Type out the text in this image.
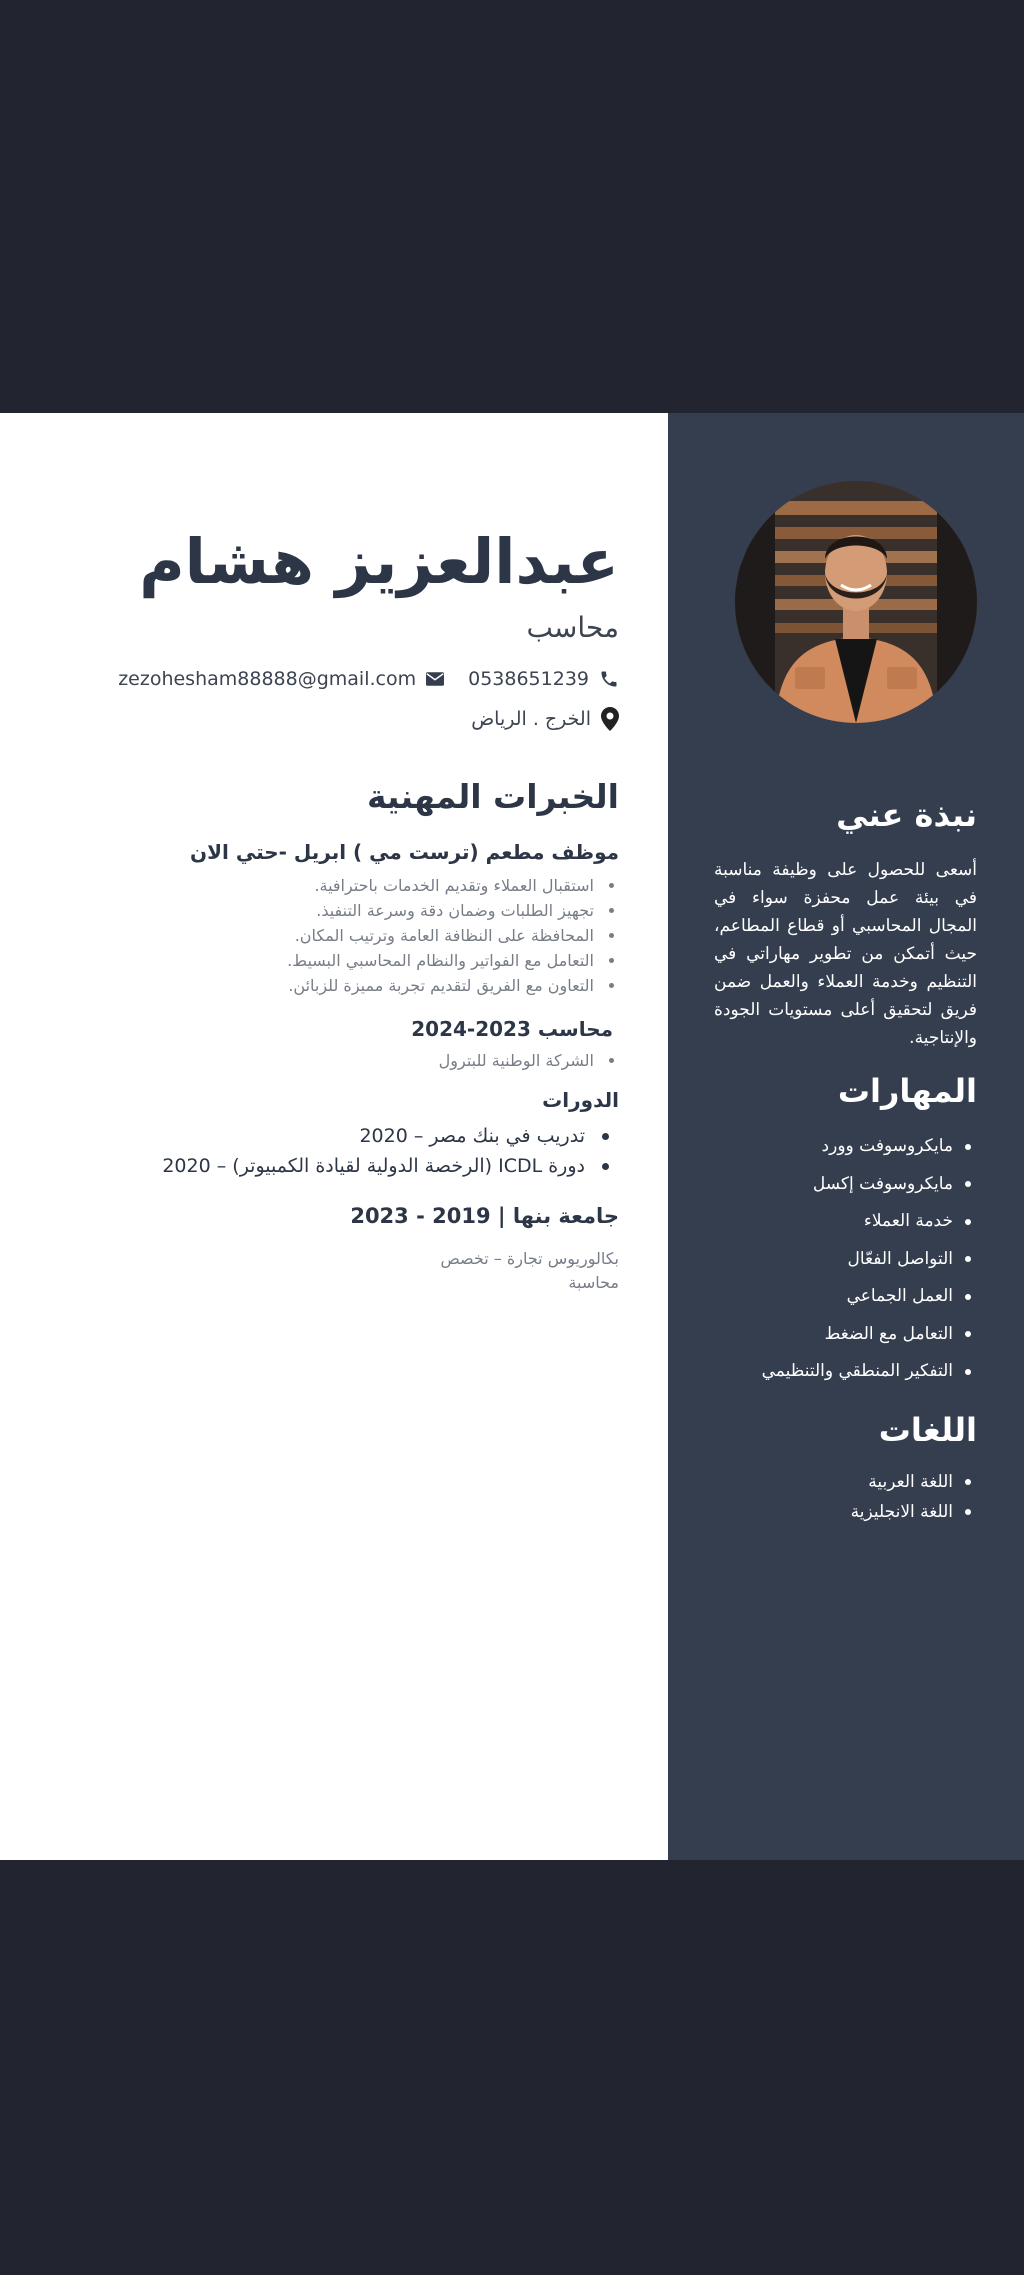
نبذة عني

أسعى للحصول على وظيفة مناسبة في بيئة عمل محفزة سواء في المجال المحاسبي أو قطاع المطاعم، حيث أتمكن من تطوير مهاراتي في التنظيم وخدمة العملاء والعمل ضمن فريق لتحقيق أعلى مستويات الجودة والإنتاجية.

المهارات
مايكروسوفت وورد
مايكروسوفت إكسل
خدمة العملاء
التواصل الفعّال
العمل الجماعي
التعامل مع الضغط
التفكير المنطقي والتنظيمي
اللغات
اللغة العربية
اللغة الانجليزية
عبدالعزيز هشام
محاسب
0538651239
zezohesham88888@gmail.com
الخرج . الرياض
الخبرات المهنية
موظف مطعم (ترست مي ) ابريل -حتي الان
استقبال العملاء وتقديم الخدمات باحترافية.
تجهيز الطلبات وضمان دقة وسرعة التنفيذ.
المحافظة على النظافة العامة وترتيب المكان.
التعامل مع الفواتير والنظام المحاسبي البسيط.
التعاون مع الفريق لتقديم تجربة مميزة للزبائن.
محاسب 2023-2024
الشركة الوطنية للبترول
الدورات
تدريب في بنك مصر – 2020
دورة ICDL (الرخصة الدولية لقيادة الكمبيوتر) – 2020
جامعة بنها | 2019 - 2023

بكالوريوس تجارة – تخصص محاسبة
